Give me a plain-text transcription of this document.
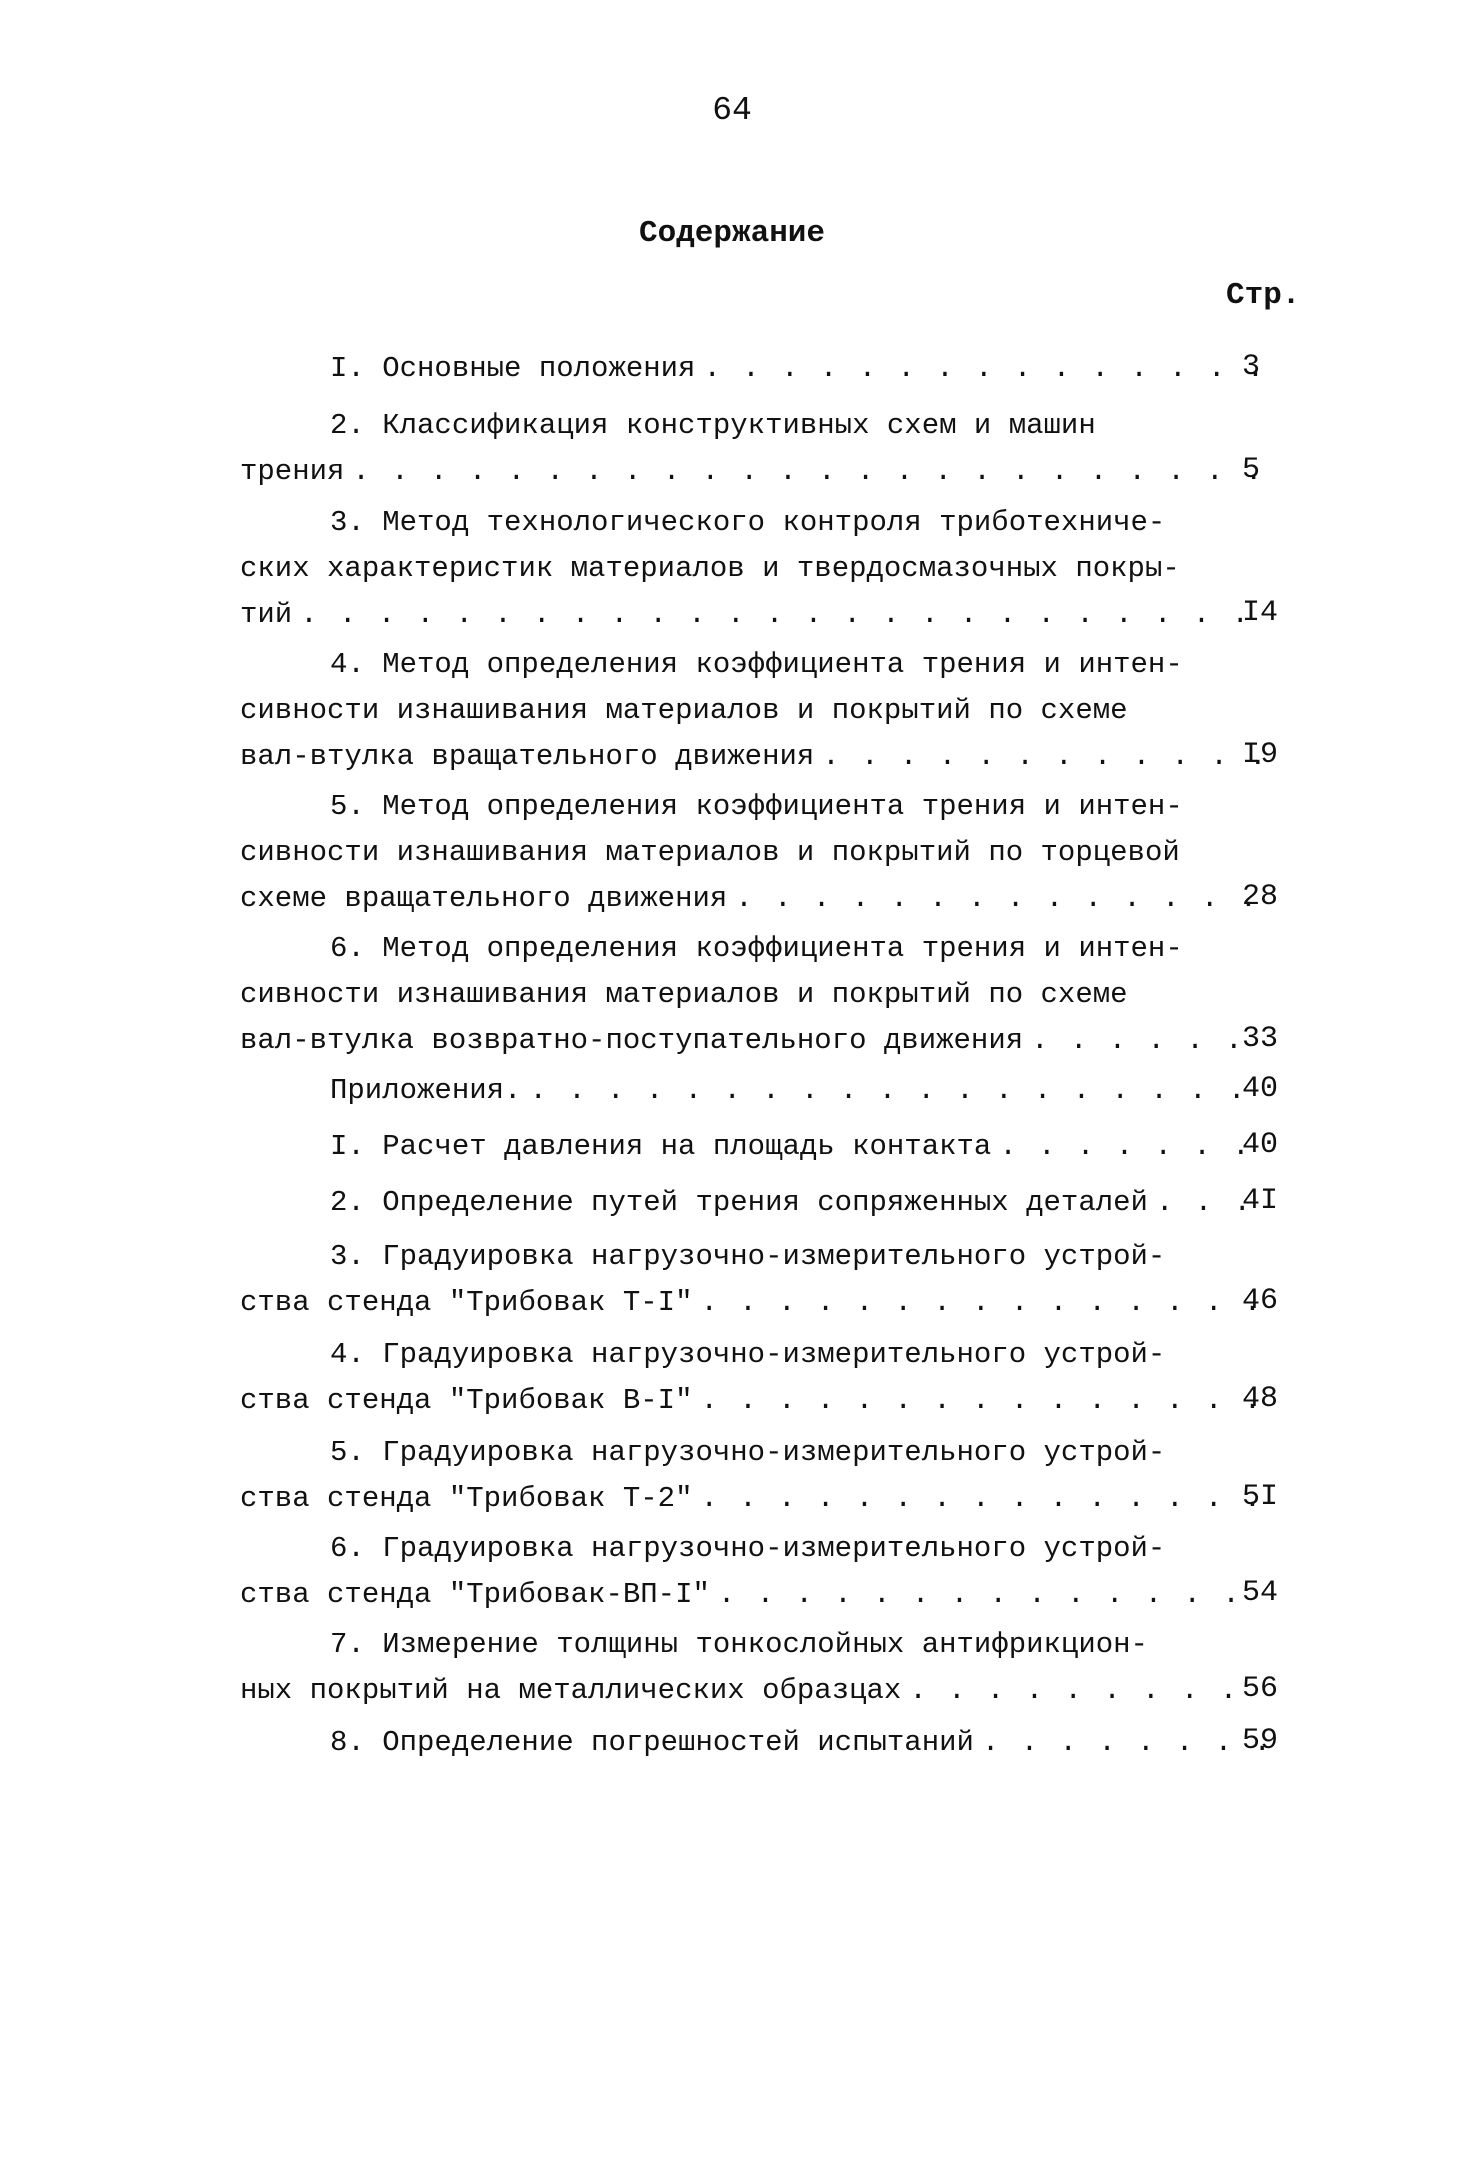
64
Содержание
Стр.
I. Основные положения . . .	3
2. Классификация конструктивных схем и машин
трения . . .	5
3. Метод технологического контроля триботехниче-
ских характеристик материалов и твердосмазочных покры-
тий . . .	I4
4. Метод определения коэффициента трения и интен-
сивности изнашивания материалов и покрытий по схеме
вал-втулка вращательного движения . . .	I9
5. Метод определения коэффициента трения и интен-
сивности изнашивания материалов и покрытий по торцевой
схеме вращательного движения . . .	28
6. Метод определения коэффициента трения и интен-
сивности изнашивания материалов и покрытий по схеме
вал-втулка возвратно-поступательного движения . . .	33
Приложения. . . .	40
I. Расчет давления на площадь контакта . . .	40
2. Определение путей трения сопряженных деталей . . .	4I
3. Градуировка нагрузочно-измерительного устрой-
ства стенда "Трибовак Т-I" . . .	46
4. Градуировка нагрузочно-измерительного устрой-
ства стенда "Трибовак В-I" . . .	48
5. Градуировка нагрузочно-измерительного устрой-
ства стенда "Трибовак Т-2" . . .	5I
6. Градуировка нагрузочно-измерительного устрой-
ства стенда "Трибовак-ВП-I" . . .	54
7. Измерение толщины тонкослойных антифрикцион-
ных покрытий на металлических образцах . . .	56
8. Определение погрешностей испытаний . . .	59
